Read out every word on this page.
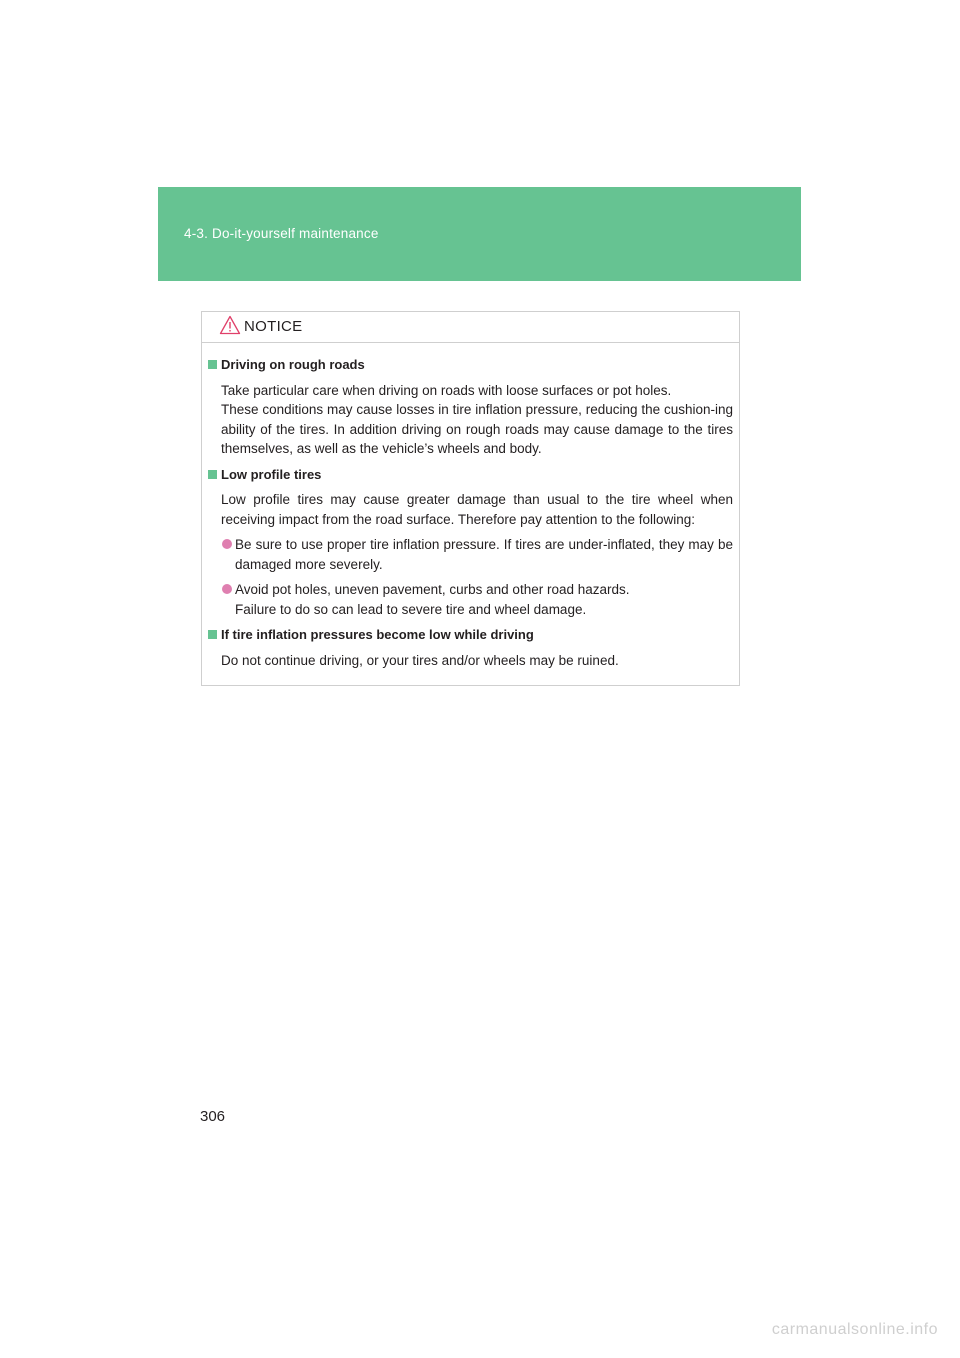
4-3. Do-it-yourself maintenance
NOTICE
Driving on rough roads
Take particular care when driving on roads with loose surfaces or pot holes.
These conditions may cause losses in tire inflation pressure, reducing the cushion-ing ability of the tires. In addition driving on rough roads may cause damage to the tires themselves, as well as the vehicle’s wheels and body.
Low profile tires
Low profile tires may cause greater damage than usual to the tire wheel when receiving impact from the road surface. Therefore pay attention to the following:
Be sure to use proper tire inflation pressure. If tires are under-inflated, they may be damaged more severely.
Avoid pot holes, uneven pavement, curbs and other road hazards.
Failure to do so can lead to severe tire and wheel damage.
If tire inflation pressures become low while driving
Do not continue driving, or your tires and/or wheels may be ruined.
306
carmanualsonline.info
